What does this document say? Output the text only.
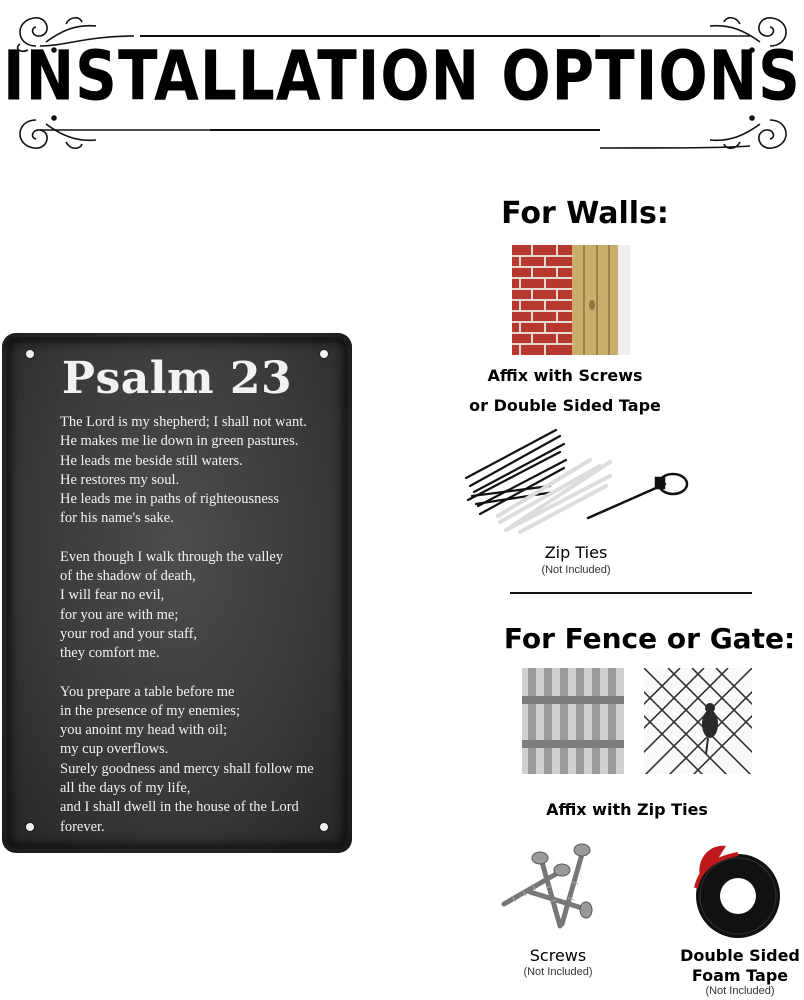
INSTALLATION OPTIONS
Psalm 23
The Lord is my shepherd; I shall not want.
He makes me lie down in green pastures.
He leads me beside still waters.
He restores my soul.
He leads me in paths of righteousness
for his name's sake.
Even though I walk through the valley
of the shadow of death,
I will fear no evil,
for you are with me;
your rod and your staff,
they comfort me.
You prepare a table before me
in the presence of my enemies;
you anoint my head with oil;
my cup overflows.
Surely goodness and mercy shall follow me
all the days of my life,
and I shall dwell in the house of the Lord
forever.
For Walls:
Affix with Screws
or Double Sided Tape
Zip Ties
(Not Included)
For Fence or Gate:
Affix with Zip Ties
Screws
(Not Included)
Double Sided
Foam Tape
(Not Included)
